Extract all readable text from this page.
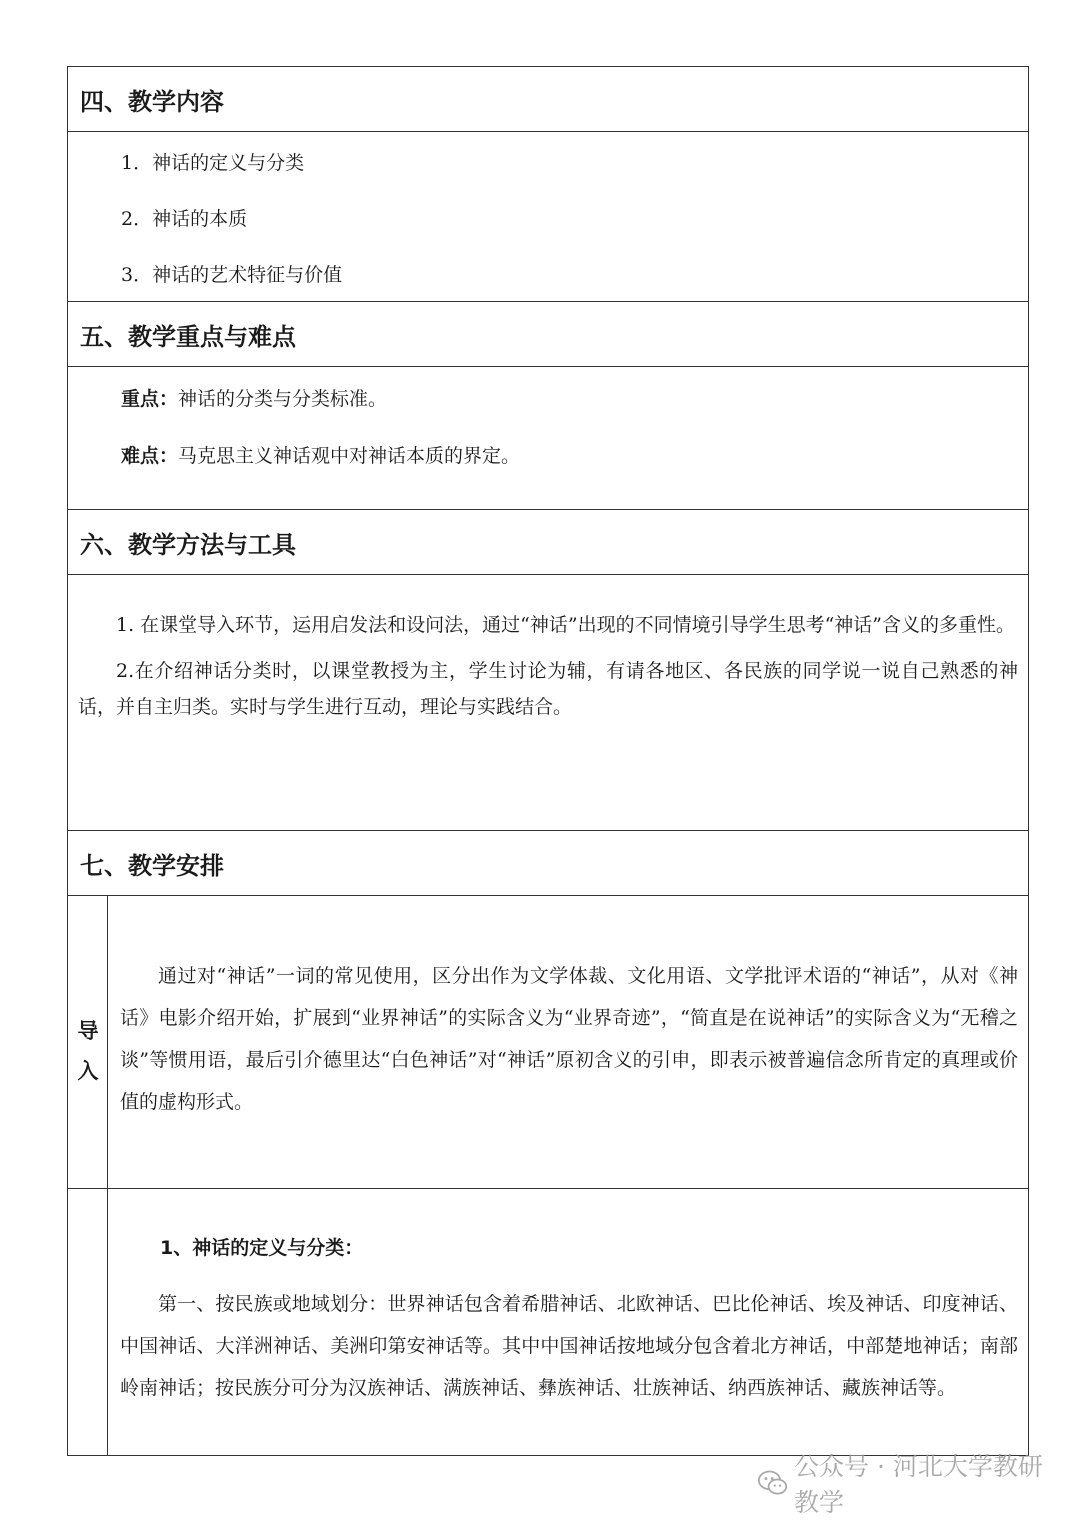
四、教学内容
1．神话的定义与分类
2．神话的本质
3．神话的艺术特征与价值
五、教学重点与难点
重点：神话的分类与分类标准。
难点：马克思主义神话观中对神话本质的界定。
六、教学方法与工具

1. 在课堂导入环节，运用启发法和设问法，通过“神话”出现的不同情境引导学生思考“神话”含义的多重性。

2.在介绍神话分类时，以课堂教授为主，学生讨论为辅，有请各地区、各民族的同学说一说自己熟悉的神话，并自主归类。实时与学生进行互动，理论与实践结合。

七、教学安排
导
入

通过对“神话”一词的常见使用，区分出作为文学体裁、文化用语、文学批评术语的“神话”，从对《神话》电影介绍开始，扩展到“业界神话”的实际含义为“业界奇迹”，“简直是在说神话”的实际含义为“无稽之谈”等惯用语，最后引介德里达“白色神话”对“神话”原初含义的引申，即表示被普遍信念所肯定的真理或价值的虚构形式。

1、神话的定义与分类：

第一、按民族或地域划分：世界神话包含着希腊神话、北欧神话、巴比伦神话、埃及神话、印度神话、中国神话、大洋洲神话、美洲印第安神话等。其中中国神话按地域分包含着北方神话，中部楚地神话；南部岭南神话；按民族分可分为汉族神话、满族神话、彝族神话、壮族神话、纳西族神话、藏族神话等。

公众号 · 河北大学教研教学
